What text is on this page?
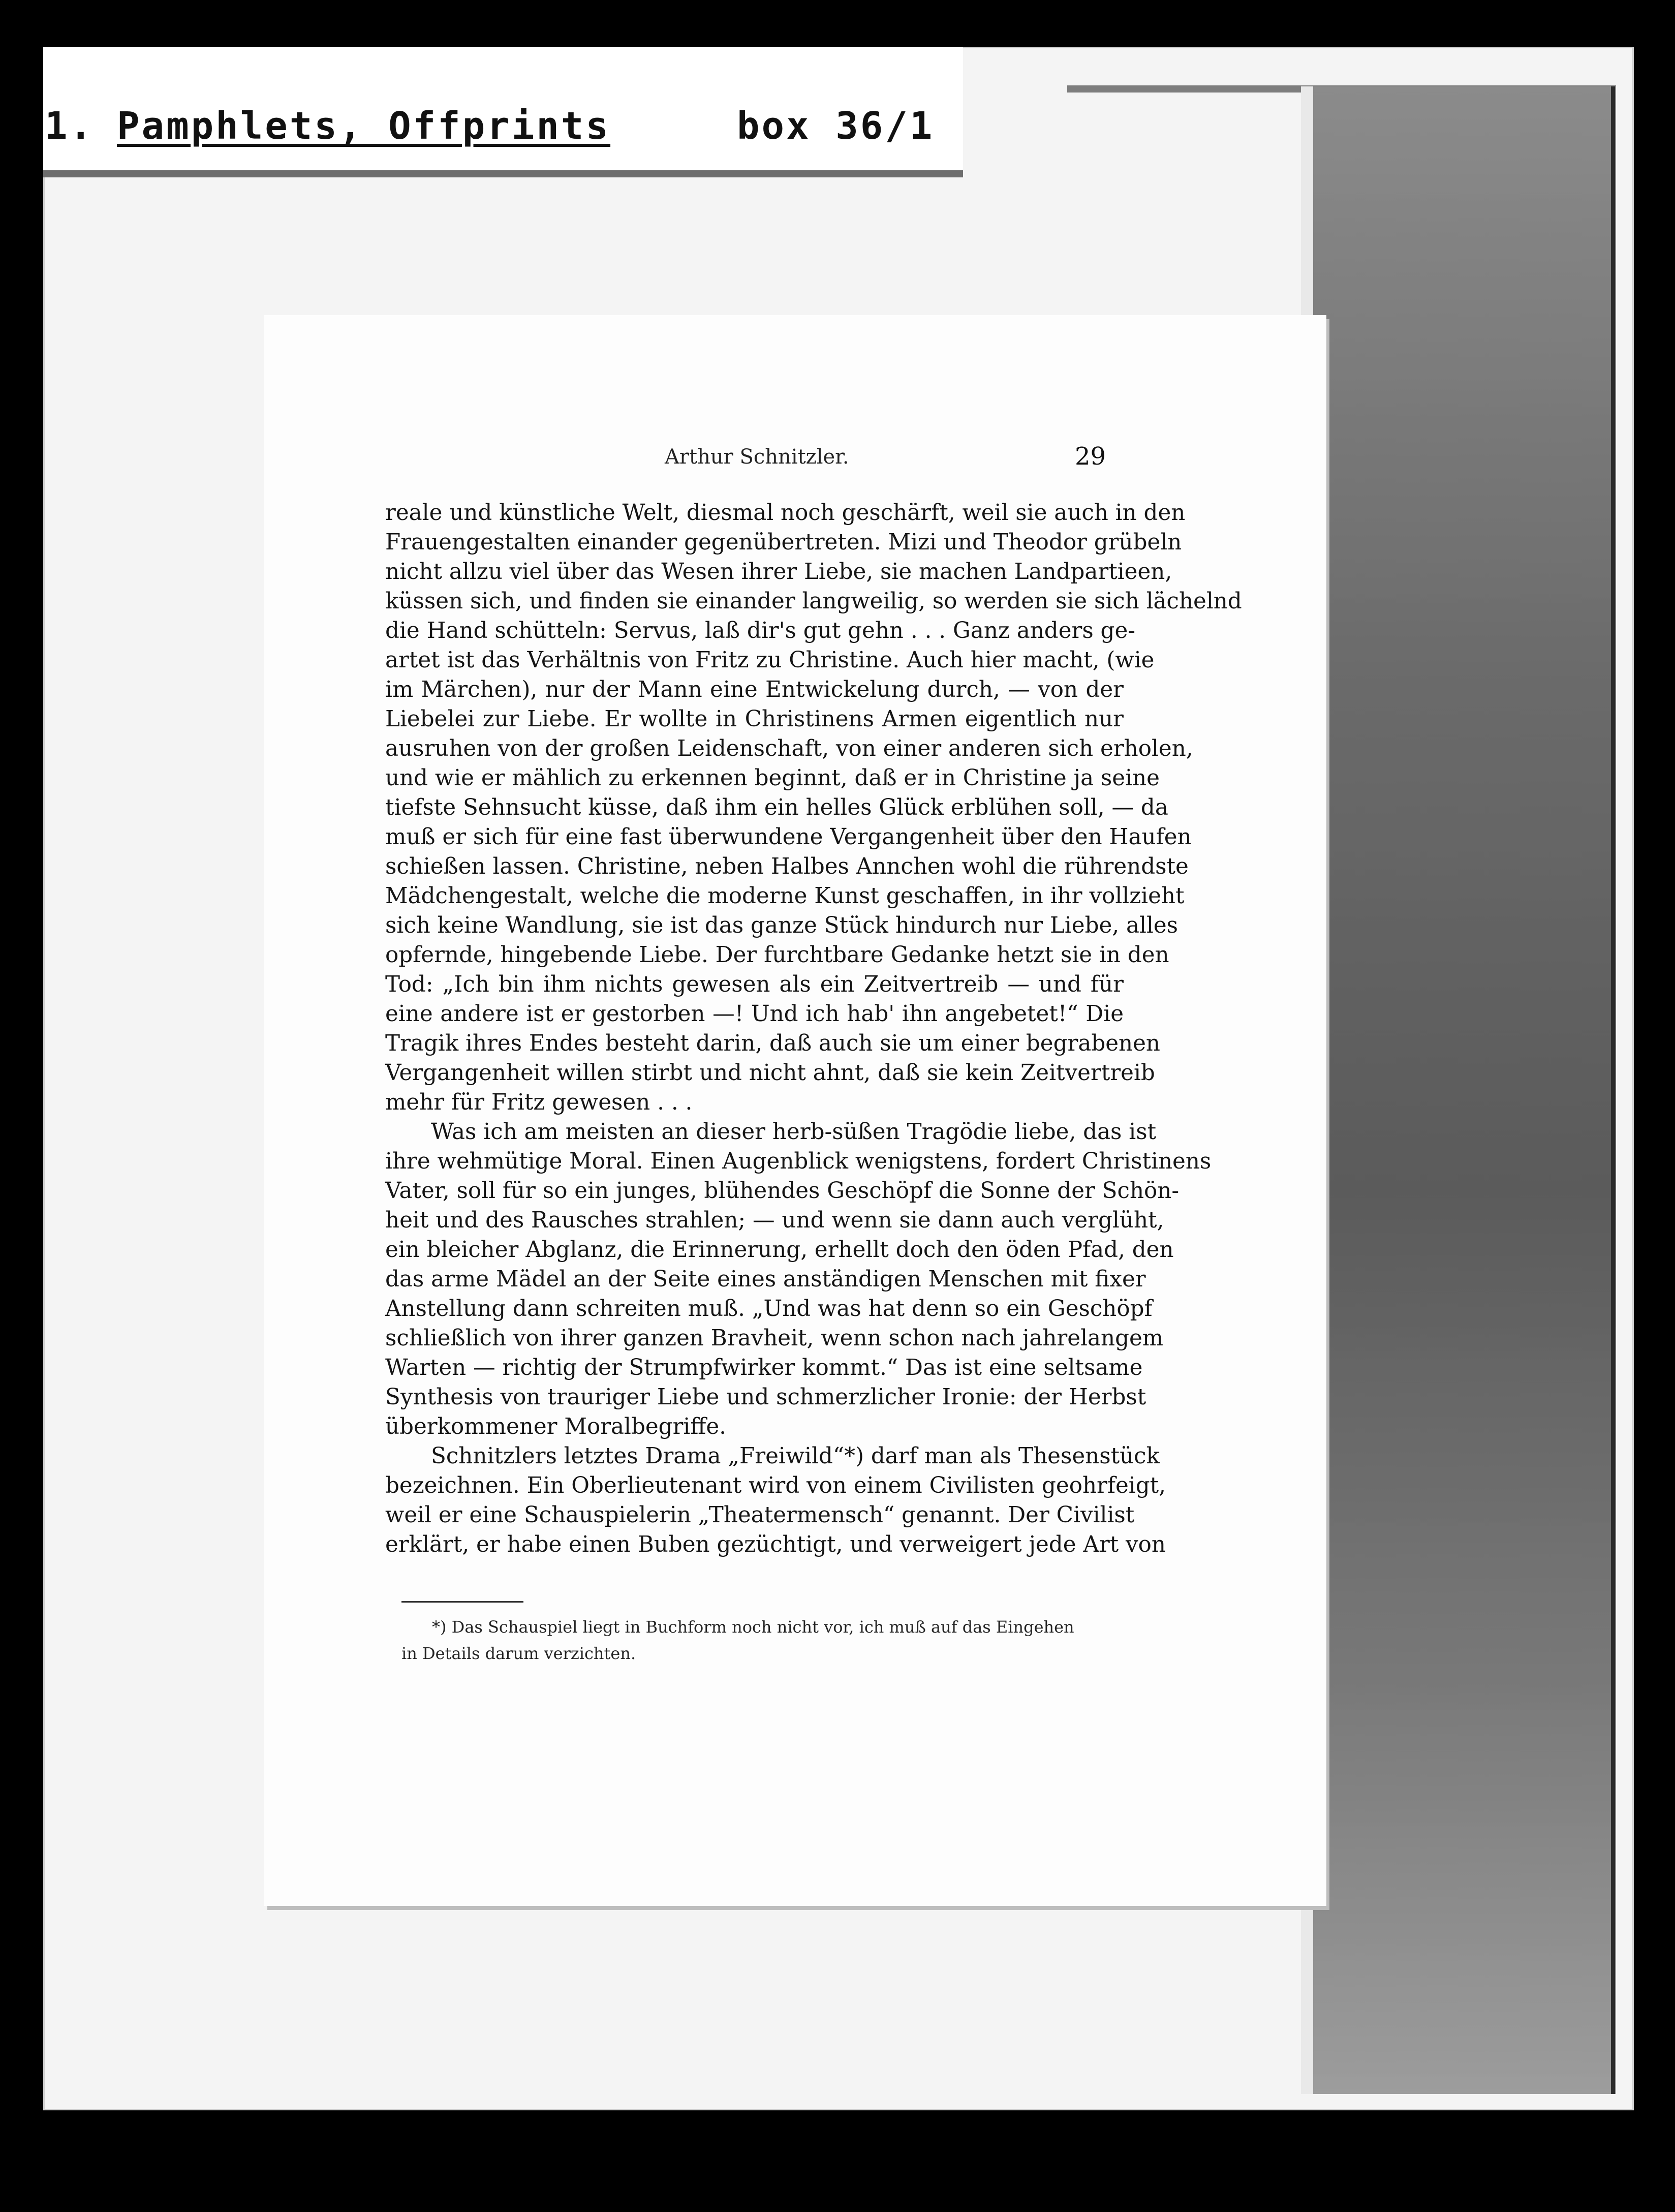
1. Pamphlets, Offprints	box 36/1
Arthur Schnitzler.	29
reale und künstliche Welt, diesmal noch geschärft, weil sie auch in den
Frauengestalten einander gegenübertreten. Mizi und Theodor grübeln
nicht allzu viel über das Wesen ihrer Liebe, sie machen Landpartieen,
küssen sich, und finden sie einander langweilig, so werden sie sich lächelnd
die Hand schütteln: Servus, laß dir's gut gehn . . . Ganz anders ge-
artet ist das Verhältnis von Fritz zu Christine. Auch hier macht, (wie
im Märchen), nur der Mann eine Entwickelung durch, — von der
Liebelei zur Liebe. Er wollte in Christinens Armen eigentlich nur
ausruhen von der großen Leidenschaft, von einer anderen sich erholen,
und wie er mählich zu erkennen beginnt, daß er in Christine ja seine
tiefste Sehnsucht küsse, daß ihm ein helles Glück erblühen soll, — da
muß er sich für eine fast überwundene Vergangenheit über den Haufen
schießen lassen. Christine, neben Halbes Annchen wohl die rührendste
Mädchengestalt, welche die moderne Kunst geschaffen, in ihr vollzieht
sich keine Wandlung, sie ist das ganze Stück hindurch nur Liebe, alles
opfernde, hingebende Liebe. Der furchtbare Gedanke hetzt sie in den
Tod: „Ich bin ihm nichts gewesen als ein Zeitvertreib — und für
eine andere ist er gestorben —! Und ich hab' ihn angebetet!“ Die
Tragik ihres Endes besteht darin, daß auch sie um einer begrabenen
Vergangenheit willen stirbt und nicht ahnt, daß sie kein Zeitvertreib
mehr für Fritz gewesen . . .
Was ich am meisten an dieser herb-süßen Tragödie liebe, das ist
ihre wehmütige Moral. Einen Augenblick wenigstens, fordert Christinens
Vater, soll für so ein junges, blühendes Geschöpf die Sonne der Schön-
heit und des Rausches strahlen; — und wenn sie dann auch verglüht,
ein bleicher Abglanz, die Erinnerung, erhellt doch den öden Pfad, den
das arme Mädel an der Seite eines anständigen Menschen mit fixer
Anstellung dann schreiten muß. „Und was hat denn so ein Geschöpf
schließlich von ihrer ganzen Bravheit, wenn schon nach jahrelangem
Warten — richtig der Strumpfwirker kommt.“ Das ist eine seltsame
Synthesis von trauriger Liebe und schmerzlicher Ironie: der Herbst
überkommener Moralbegriffe.
Schnitzlers letztes Drama „Freiwild“*) darf man als Thesenstück
bezeichnen. Ein Oberlieutenant wird von einem Civilisten geohrfeigt,
weil er eine Schauspielerin „Theatermensch“ genannt. Der Civilist
erklärt, er habe einen Buben gezüchtigt, und verweigert jede Art von
*) Das Schauspiel liegt in Buchform noch nicht vor, ich muß auf das Eingehen
in Details darum verzichten.
